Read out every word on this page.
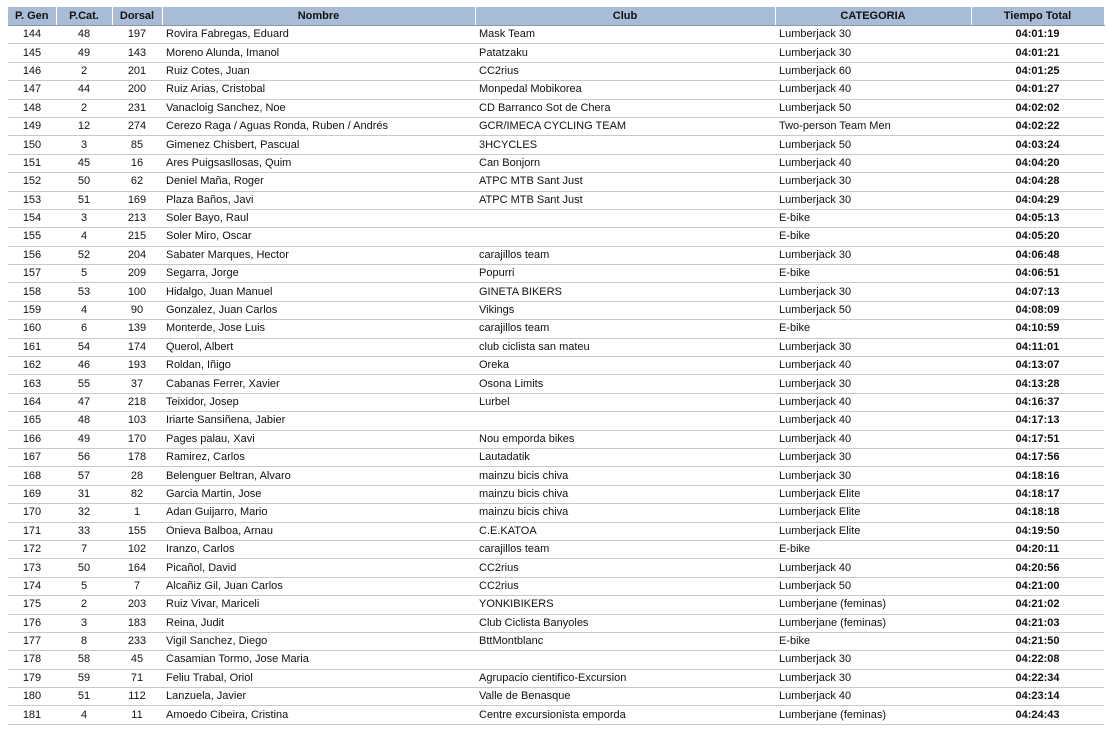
P. Gen	P.Cat.	Dorsal	Nombre	Club	CATEGORIA	Tiempo Total
144	48	197	Rovira Fabregas, Eduard	Mask Team	Lumberjack 30	04:01:19
145	49	143	Moreno Alunda, Imanol	Patatzaku	Lumberjack 30	04:01:21
146	2	201	Ruiz Cotes, Juan	CC2rius	Lumberjack 60	04:01:25
147	44	200	Ruiz Arias, Cristobal	Monpedal Mobikorea	Lumberjack 40	04:01:27
148	2	231	Vanacloig Sanchez, Noe	CD Barranco Sot de Chera	Lumberjack 50	04:02:02
149	12	274	Cerezo Raga / Aguas Ronda, Ruben / Andrés	GCR/IMECA CYCLING TEAM	Two-person Team Men	04:02:22
150	3	85	Gimenez Chisbert, Pascual	3HCYCLES	Lumberjack 50	04:03:24
151	45	16	Ares Puigsasllosas, Quim	Can Bonjorn	Lumberjack 40	04:04:20
152	50	62	Deniel Maña, Roger	ATPC MTB Sant Just	Lumberjack 30	04:04:28
153	51	169	Plaza Baños, Javi	ATPC MTB Sant Just	Lumberjack 30	04:04:29
154	3	213	Soler Bayo, Raul		E-bike	04:05:13
155	4	215	Soler Miro, Oscar		E-bike	04:05:20
156	52	204	Sabater Marques, Hector	carajillos team	Lumberjack 30	04:06:48
157	5	209	Segarra, Jorge	Popurri	E-bike	04:06:51
158	53	100	Hidalgo, Juan Manuel	GINETA BIKERS	Lumberjack 30	04:07:13
159	4	90	Gonzalez, Juan Carlos	Vikings	Lumberjack 50	04:08:09
160	6	139	Monterde, Jose Luis	carajillos team	E-bike	04:10:59
161	54	174	Querol, Albert	club ciclista san mateu	Lumberjack 30	04:11:01
162	46	193	Roldan, Iñigo	Oreka	Lumberjack 40	04:13:07
163	55	37	Cabanas Ferrer, Xavier	Osona Limits	Lumberjack 30	04:13:28
164	47	218	Teixidor, Josep	Lurbel	Lumberjack 40	04:16:37
165	48	103	Iriarte Sansiñena, Jabier		Lumberjack 40	04:17:13
166	49	170	Pages palau, Xavi	Nou emporda bikes	Lumberjack 40	04:17:51
167	56	178	Ramirez, Carlos	Lautadatik	Lumberjack 30	04:17:56
168	57	28	Belenguer Beltran, Alvaro	mainzu bicis chiva	Lumberjack 30	04:18:16
169	31	82	Garcia Martin, Jose	mainzu bicis chiva	Lumberjack Elite	04:18:17
170	32	1	Adan Guijarro, Mario	mainzu bicis chiva	Lumberjack Elite	04:18:18
171	33	155	Onieva Balboa, Arnau	C.E.KATOA	Lumberjack Elite	04:19:50
172	7	102	Iranzo, Carlos	carajillos team	E-bike	04:20:11
173	50	164	Picañol, David	CC2rius	Lumberjack 40	04:20:56
174	5	7	Alcañiz Gil, Juan Carlos	CC2rius	Lumberjack 50	04:21:00
175	2	203	Ruiz Vivar, Mariceli	YONKIBIKERS	Lumberjane (feminas)	04:21:02
176	3	183	Reina, Judit	Club Ciclista Banyoles	Lumberjane (feminas)	04:21:03
177	8	233	Vigil Sanchez, Diego	BttMontblanc	E-bike	04:21:50
178	58	45	Casamian Tormo, Jose Maria		Lumberjack 30	04:22:08
179	59	71	Feliu Trabal, Oriol	Agrupacio cientifico-Excursion	Lumberjack 30	04:22:34
180	51	112	Lanzuela, Javier	Valle de Benasque	Lumberjack 40	04:23:14
181	4	11	Amoedo Cibeira, Cristina	Centre excursionista emporda	Lumberjane (feminas)	04:24:43
